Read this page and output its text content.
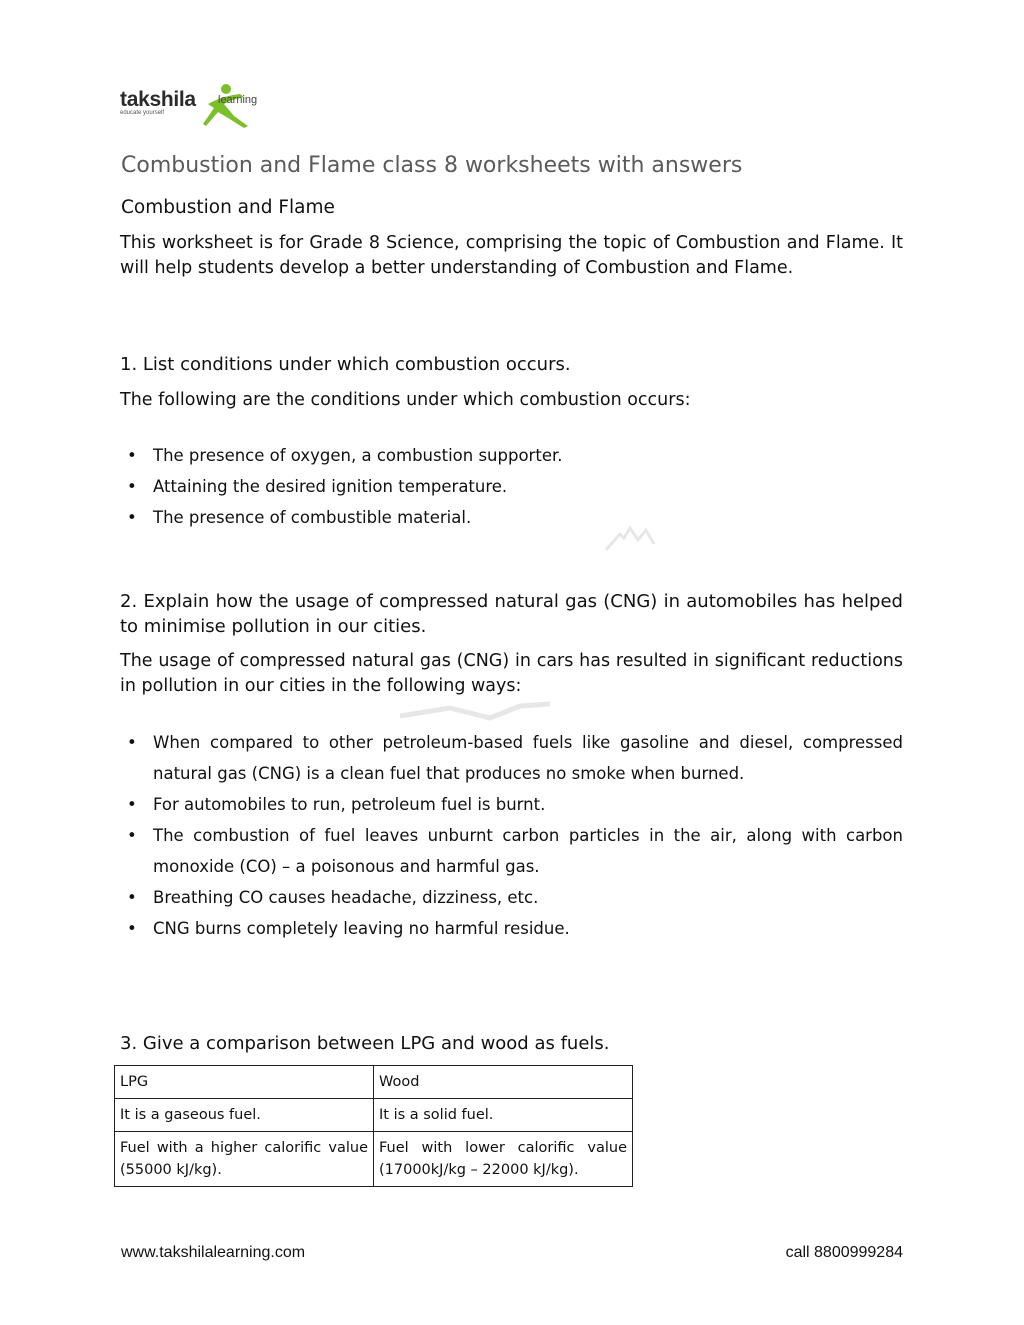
takshila learning
educate yourself
Combustion and Flame class 8 worksheets with answers
Combustion and Flame
This worksheet is for Grade 8 Science, comprising the topic of Combustion and Flame. It will help students develop a better understanding of Combustion and Flame.
1. List conditions under which combustion occurs.
The following are the conditions under which combustion occurs:
• The presence of oxygen, a combustion supporter.
• Attaining the desired ignition temperature.
• The presence of combustible material.
2. Explain how the usage of compressed natural gas (CNG) in automobiles has helped to minimise pollution in our cities.
The usage of compressed natural gas (CNG) in cars has resulted in significant reductions in pollution in our cities in the following ways:
• When compared to other petroleum-based fuels like gasoline and diesel, compressed natural gas (CNG) is a clean fuel that produces no smoke when burned.
• For automobiles to run, petroleum fuel is burnt.
• The combustion of fuel leaves unburnt carbon particles in the air, along with carbon monoxide (CO) – a poisonous and harmful gas.
• Breathing CO causes headache, dizziness, etc.
• CNG burns completely leaving no harmful residue.
3. Give a comparison between LPG and wood as fuels.
LPG	Wood
It is a gaseous fuel.	It is a solid fuel.
Fuel with a higher calorific value (55000 kJ/kg).	Fuel with lower calorific value (17000kJ/kg – 22000 kJ/kg).
www.takshilalearning.com	call 8800999284
